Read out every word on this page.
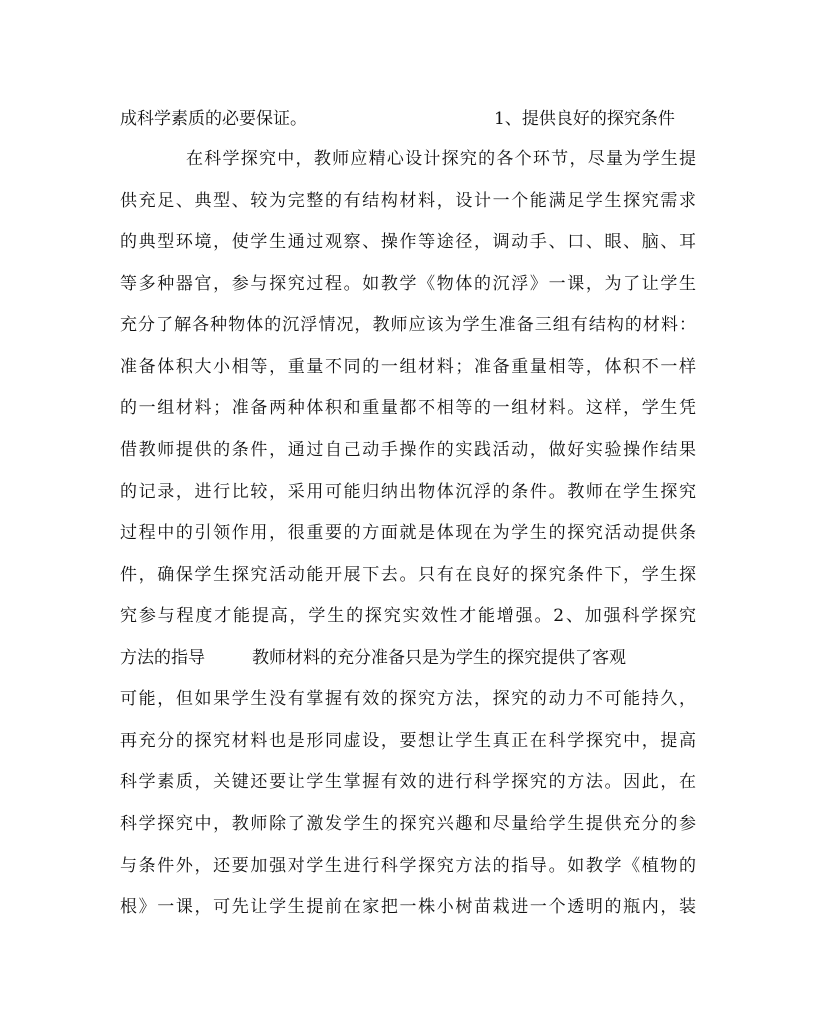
成科学素质的必要保证。	1、提供良好的探究条件
在科学探究中，教师应精心设计探究的各个环节，尽量为学生提
供充足、典型、较为完整的有结构材料，设计一个能满足学生探究需求
的典型环境，使学生通过观察、操作等途径，调动手、口、眼、脑、耳
等多种器官，参与探究过程。如教学《物体的沉浮》一课，为了让学生
充分了解各种物体的沉浮情况，教师应该为学生准备三组有结构的材料：
准备体积大小相等，重量不同的一组材料；准备重量相等，体积不一样
的一组材料；准备两种体积和重量都不相等的一组材料。这样，学生凭
借教师提供的条件，通过自己动手操作的实践活动，做好实验操作结果
的记录，进行比较，采用可能归纳出物体沉浮的条件。教师在学生探究
过程中的引领作用，很重要的方面就是体现在为学生的探究活动提供条
件，确保学生探究活动能开展下去。只有在良好的探究条件下，学生探
究参与程度才能提高，学生的探究实效性才能增强。2、加强科学探究
方法的指导	教师材料的充分准备只是为学生的探究提供了客观
可能，但如果学生没有掌握有效的探究方法，探究的动力不可能持久，
再充分的探究材料也是形同虚设，要想让学生真正在科学探究中，提高
科学素质，关键还要让学生掌握有效的进行科学探究的方法。因此，在
科学探究中，教师除了激发学生的探究兴趣和尽量给学生提供充分的参
与条件外，还要加强对学生进行科学探究方法的指导。如教学《植物的
根》一课，可先让学生提前在家把一株小树苗栽进一个透明的瓶内，装
